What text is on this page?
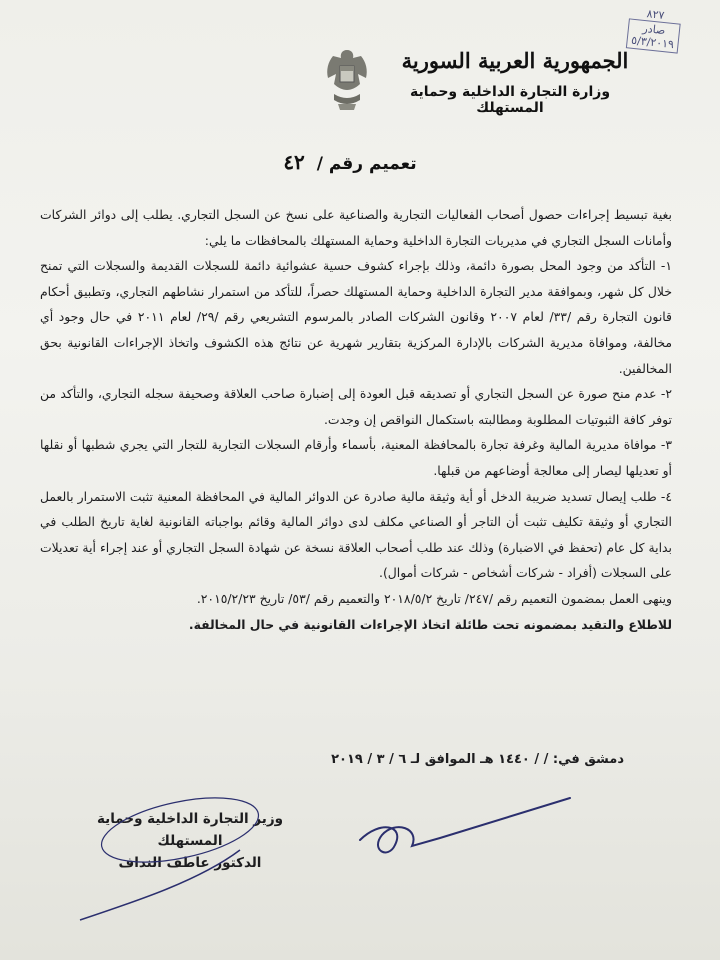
٨٢٧
صادر
٥/٣/٢٠١٩
الجمهورية العربية السورية
وزارة التجارة الداخلية وحماية المستهلك
تعميم رقم / ٤٢

بغية تبسيط إجراءات حصول أصحاب الفعاليات التجارية والصناعية على نسخ عن السجل التجاري. يطلب إلى دوائر الشركات وأمانات السجل التجاري في مديريات التجارة الداخلية وحماية المستهلك بالمحافظات ما يلي:

١- التأكد من وجود المحل بصورة دائمة، وذلك بإجراء كشوف حسية عشوائية دائمة للسجلات القديمة والسجلات التي تمنح خلال كل شهر، وبموافقة مدير التجارة الداخلية وحماية المستهلك حصراً، للتأكد من استمرار نشاطهم التجاري، وتطبيق أحكام قانون التجارة رقم /٣٣/ لعام ٢٠٠٧ وقانون الشركات الصادر بالمرسوم التشريعي رقم /٢٩/ لعام ٢٠١١ في حال وجود أي مخالفة، وموافاة مديرية الشركات بالإدارة المركزية بتقارير شهرية عن نتائج هذه الكشوف واتخاذ الإجراءات القانونية بحق المخالفين.

٢- عدم منح صورة عن السجل التجاري أو تصديقه قبل العودة إلى إضبارة صاحب العلاقة وصحيفة سجله التجاري، والتأكد من توفر كافة الثبوتيات المطلوبة ومطالبته باستكمال النواقص إن وجدت.

٣- موافاة مديرية المالية وغرفة تجارة بالمحافظة المعنية، بأسماء وأرقام السجلات التجارية للتجار التي يجري شطبها أو نقلها أو تعديلها ليصار إلى معالجة أوضاعهم من قبلها.

٤- طلب إيصال تسديد ضريبة الدخل أو أية وثيقة مالية صادرة عن الدوائر المالية في المحافظة المعنية تثبت الاستمرار بالعمل التجاري أو وثيقة تكليف تثبت أن التاجر أو الصناعي مكلف لدى دوائر المالية وقائم بواجباته القانونية لغاية تاريخ الطلب في بداية كل عام (تحفظ في الاضبارة) وذلك عند طلب أصحاب العلاقة نسخة عن شهادة السجل التجاري أو عند إجراء أية تعديلات على السجلات (أفراد - شركات أشخاص - شركات أموال).

وينهى العمل بمضمون التعميم رقم /٢٤٧/ تاريخ ٢٠١٨/٥/٢ والتعميم رقم /٥٣/ تاريخ ٢٠١٥/٢/٢٣.

للاطلاع والتقيد بمضمونه تحت طائلة اتخاذ الإجراءات القانونية في حال المخالفة.

دمشق في: / / ١٤٤٠ هـ الموافق لـ ٦ / ٣ / ٢٠١٩
وزير التجارة الداخلية وحماية المستهلك
الدكتور عاطف النداف
